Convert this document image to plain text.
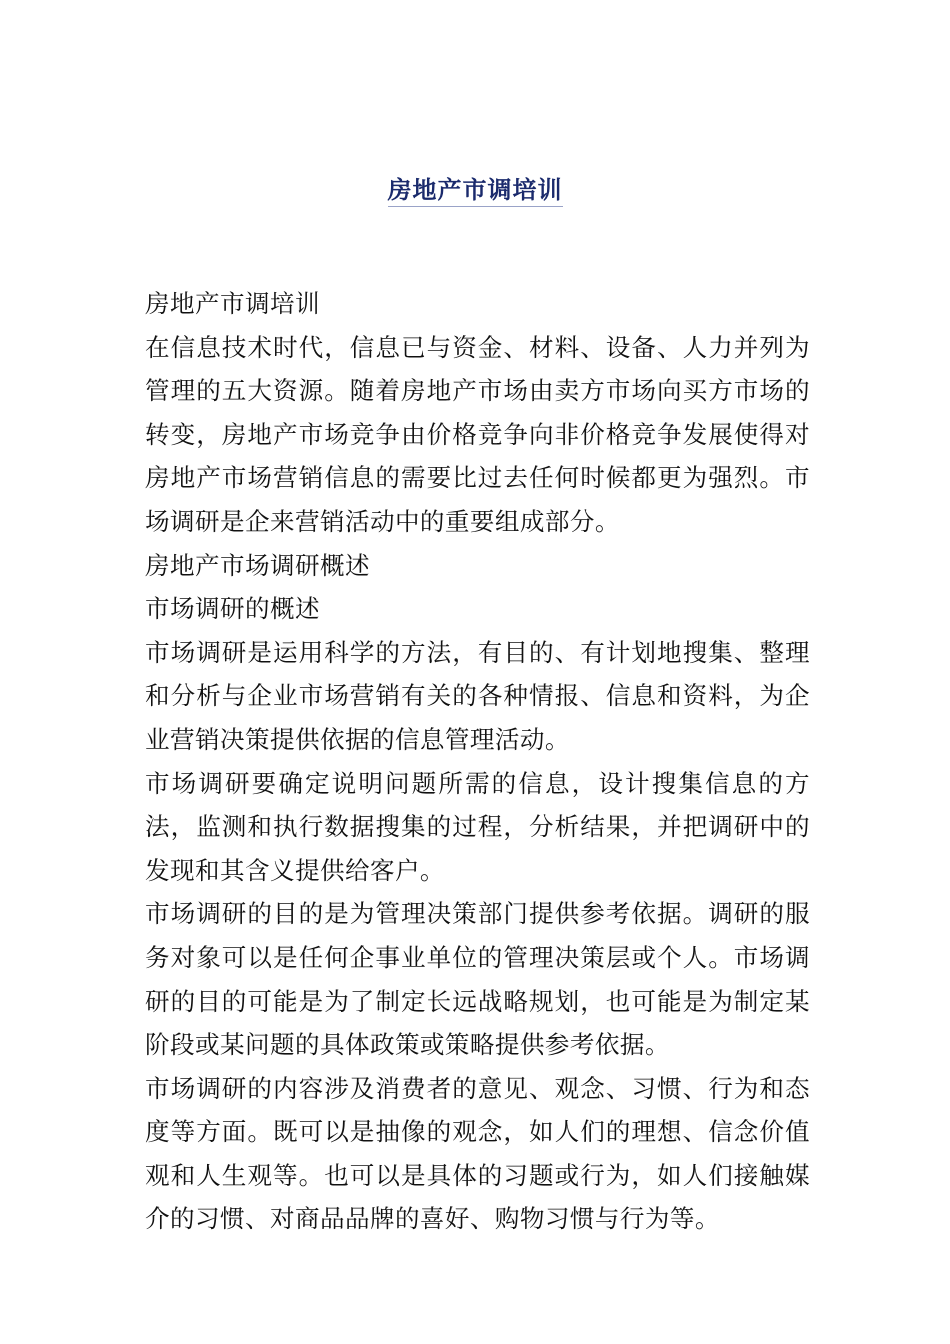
房地产市调培训

房地产市调培训

在信息技术时代，信息已与资金、材料、设备、人力并列为管理的五大资源。随着房地产市场由卖方市场向买方市场的转变，房地产市场竞争由价格竞争向非价格竞争发展使得对房地产市场营销信息的需要比过去任何时候都更为强烈。市场调研是企来营销活动中的重要组成部分。

房地产市场调研概述

市场调研的概述

市场调研是运用科学的方法，有目的、有计划地搜集、整理和分析与企业市场营销有关的各种情报、信息和资料，为企业营销决策提供依据的信息管理活动。

市场调研要确定说明问题所需的信息，设计搜集信息的方法，监测和执行数据搜集的过程，分析结果，并把调研中的发现和其含义提供给客户。

市场调研的目的是为管理决策部门提供参考依据。调研的服务对象可以是任何企事业单位的管理决策层或个人。市场调研的目的可能是为了制定长远战略规划，也可能是为制定某阶段或某问题的具体政策或策略提供参考依据。

市场调研的内容涉及消费者的意见、观念、习惯、行为和态度等方面。既可以是抽像的观念，如人们的理想、信念价值观和人生观等。也可以是具体的习题或行为，如人们接触媒介的习惯、对商品品牌的喜好、购物习惯与行为等。
